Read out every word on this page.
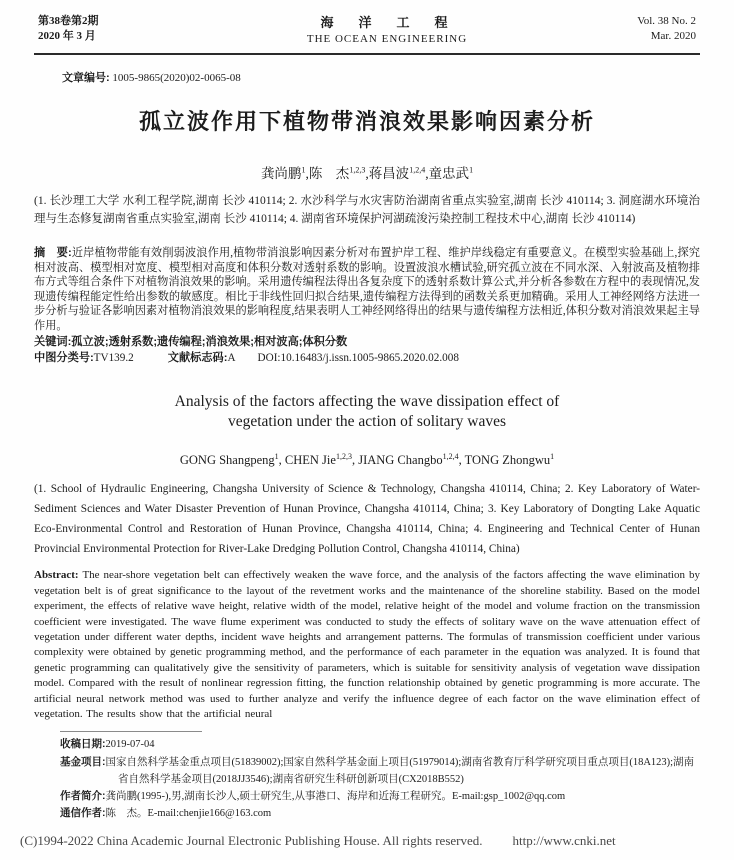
第38卷第2期
2020 年 3 月
海　洋　工　程
THE OCEAN ENGINEERING
Vol. 38 No. 2
Mar. 2020
文章编号: 1005-9865(2020)02-0065-08
孤立波作用下植物带消浪效果影响因素分析
龚尚鹏$^1$,陈　杰$^{1,2,3}$,蒋昌波$^{1,2,4}$,童忠武$^1$
(1. 长沙理工大学 水利工程学院,湖南 长沙 410114; 2. 水沙科学与水灾害防治湖南省重点实验室,湖南 长沙 410114; 3. 洞庭湖水环境治理与生态修复湖南省重点实验室,湖南 长沙 410114; 4. 湖南省环境保护河湖疏浚污染控制工程技术中心,湖南 长沙 410114)
摘　要:近岸植物带能有效削弱波浪作用,植物带消浪影响因素分析对布置护岸工程、维护岸线稳定有重要意义。在模型实验基础上,探究相对波高、模型相对宽度、模型相对高度和体积分数对透射系数的影响。设置波浪水槽试验,研究孤立波在不同水深、入射波高及植物排布方式等组合条件下对植物消浪效果的影响。采用遗传编程法得出各复杂度下的透射系数计算公式,并分析各参数在方程中的表现情况,发现遗传编程能定性给出参数的敏感度。相比于非线性回归拟合结果,遗传编程方法得到的函数关系更加精确。采用人工神经网络方法进一步分析与验证各影响因素对植物消浪效果的影响程度,结果表明人工神经网络得出的结果与遗传编程方法相近,体积分数对消浪效果起主导作用。
关键词:孤立波;透射系数;遗传编程;消浪效果;相对波高;体积分数
中图分类号:TV139.2	文献标志码:A DOI:10.16483/j.issn.1005-9865.2020.02.008
Analysis of the factors affecting the wave dissipation effect of
vegetation under the action of solitary waves
GONG Shangpeng$^1$, CHEN Jie$^{1,2,3}$, JIANG Changbo$^{1,2,4}$, TONG Zhongwu$^1$
(1. School of Hydraulic Engineering, Changsha University of Science & Technology, Changsha 410114, China; 2. Key Laboratory of Water-Sediment Sciences and Water Disaster Prevention of Hunan Province, Changsha 410114, China; 3. Key Laboratory of Dongting Lake Aquatic Eco-Environmental Control and Restoration of Hunan Province, Changsha 410114, China; 4. Engineering and Technical Center of Hunan Provincial Environmental Protection for River-Lake Dredging Pollution Control, Changsha 410114, China)
Abstract: The near-shore vegetation belt can effectively weaken the wave force, and the analysis of the factors affecting the wave elimination by vegetation belt is of great significance to the layout of the revetment works and the maintenance of the shoreline stability. Based on the model experiment, the effects of relative wave height, relative width of the model, relative height of the model and volume fraction on the transmission coefficient were investigated. The wave flume experiment was conducted to study the effects of solitary wave on the wave attenuation effect of vegetation under different water depths, incident wave heights and arrangement patterns. The formulas of transmission coefficient under various complexity were obtained by genetic programming method, and the performance of each parameter in the equation was analyzed. It is found that genetic programming can qualitatively give the sensitivity of parameters, which is suitable for sensitivity analysis of vegetation wave dissipation model. Compared with the result of nonlinear regression fitting, the function relationship obtained by genetic programming is more accurate. The artificial neural network method was used to further analyze and verify the influence degree of each factor on the wave elimination effect of vegetation. The results show that the artificial neural
收稿日期:2019-07-04
基金项目:国家自然科学基金重点项目(51839002);国家自然科学基金面上项目(51979014);湖南省教育厅科学研究项目重点项目(18A123);湖南省自然科学基金项目(2018JJ3546);湖南省研究生科研创新项目(CX2018B552)
作者简介:龚尚鹏(1995-),男,湖南长沙人,硕士研究生,从事港口、海岸和近海工程研究。E-mail:gsp_1002@qq.com
通信作者:陈　杰。E-mail:chenjie166@163.com
(C)1994-2022 China Academic Journal Electronic Publishing House. All rights reserved. http://www.cnki.net
